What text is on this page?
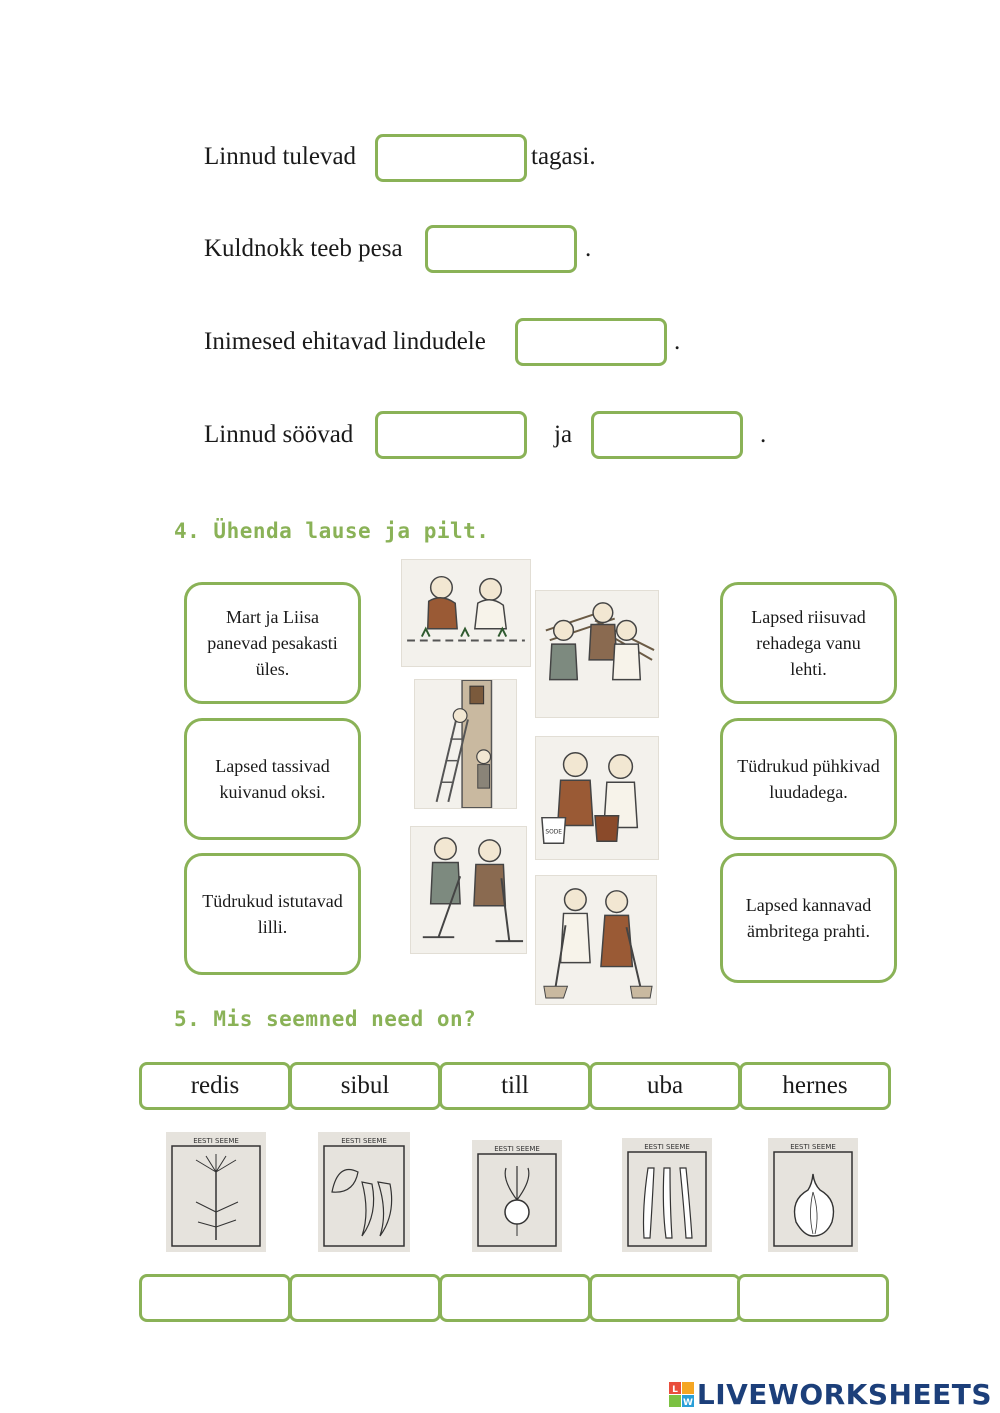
Linnud tulevad	tagasi.
Kuldnokk teeb pesa	.
Inimesed ehitavad lindudele	.
Linnud söövad	ja	.
4. Ühenda lause ja pilt.
Mart ja Liisa panevad pesakasti üles.
Lapsed tassivad kuivanud oksi.
Tüdrukud istutavad lilli.
Lapsed riisuvad rehadega vanu lehti.
Tüdrukud pühkivad luudadega.
Lapsed kannavad ämbritega prahti.
SODE
5. Mis seemned need on?
redis	sibul	till	uba	hernes
EESTI SEEME	EESTI SEEME
EESTI SEEME	EESTI SEEME	EESTI SEEME
L
W LIVEWORKSHEETS
